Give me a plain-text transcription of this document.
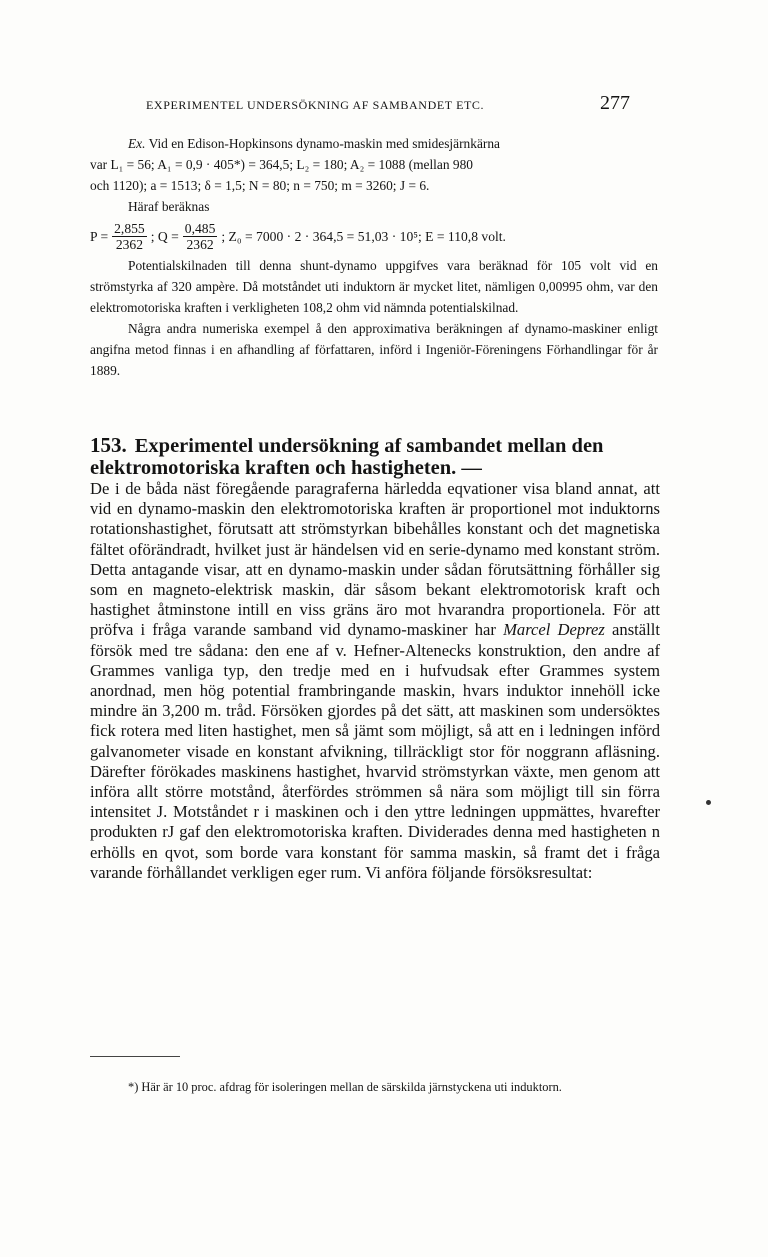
EXPERIMENTEL UNDERSÖKNING AF SAMBANDET ETC.	277

Ex. Vid en Edison-Hopkinsons dynamo-maskin med smidesjärnkärna

var L₁ = 56; A₁ = 0,9 · 405*) = 364,5; L₂ = 180; A₂ = 1088 (mellan 980

och 1120); a = 1513; δ = 1,5; N = 80; n = 750; m = 3260; J = 6.

Häraf beräknas

$P = \frac{2,855}{2362}$ ; $Q = \frac{0,485}{2362}$ ; Z₀ = 7000 · 2 · 364,5 = 51,03 · 10⁵; E = 110,8 volt.

Potentialskilnaden till denna shunt-dynamo uppgifves vara beräknad för 105 volt vid en strömstyrka af 320 ampère. Då motståndet uti induktorn är mycket litet, nämligen 0,00995 ohm, var den elektromotoriska kraften i verkligheten 108,2 ohm vid nämnda potentialskilnad.

Några andra numeriska exempel å den approximativa beräkningen af dynamo-maskiner enligt angifna metod finnas i en afhandling af författaren, införd i Ingeniör-Föreningens Förhandlingar för år 1889.

153. Experimentel undersökning af sambandet mellan den elektromotoriska kraften och hastigheten. —
De i de båda näst föregående paragraferna härledda eqvationer visa bland annat, att vid en dynamo-maskin den elektromotoriska kraften är proportionel mot induktorns rotationshastighet, förutsatt att strömstyrkan bibehålles konstant och det magnetiska fältet oförändradt, hvilket just är händelsen vid en serie-dynamo med konstant ström. Detta antagande visar, att en dynamo-maskin under sådan förutsättning förhåller sig som en magneto-elektrisk maskin, där såsom bekant elektromotorisk kraft och hastighet åtminstone intill en viss gräns äro mot hvarandra proportionela. För att pröfva i fråga varande samband vid dynamo-maskiner har Marcel Deprez anställt försök med tre sådana: den ene af v. Hefner-Altenecks konstruktion, den andre af Grammes vanliga typ, den tredje med en i hufvudsak efter Grammes system anordnad, men hög potential frambringande maskin, hvars induktor innehöll icke mindre än 3,200 m. tråd. Försöken gjordes på det sätt, att maskinen som undersöktes fick rotera med liten hastighet, men så jämt som möjligt, så att en i ledningen införd galvanometer visade en konstant afvikning, tillräckligt stor för noggrann afläsning. Därefter förökades maskinens hastighet, hvarvid strömstyrkan växte, men genom att införa allt större motstånd, återfördes strömmen så nära som möjligt till sin förra intensitet J. Motståndet r i maskinen och i den yttre ledningen uppmättes, hvarefter produkten rJ gaf den elektromotoriska kraften. Dividerades denna med hastigheten n erhölls en qvot, som borde vara konstant för samma maskin, så framt det i fråga varande förhållandet verkligen eger rum. Vi anföra följande försöksresultat:

*) Här är 10 proc. afdrag för isoleringen mellan de särskilda järnstyckena uti induktorn.
